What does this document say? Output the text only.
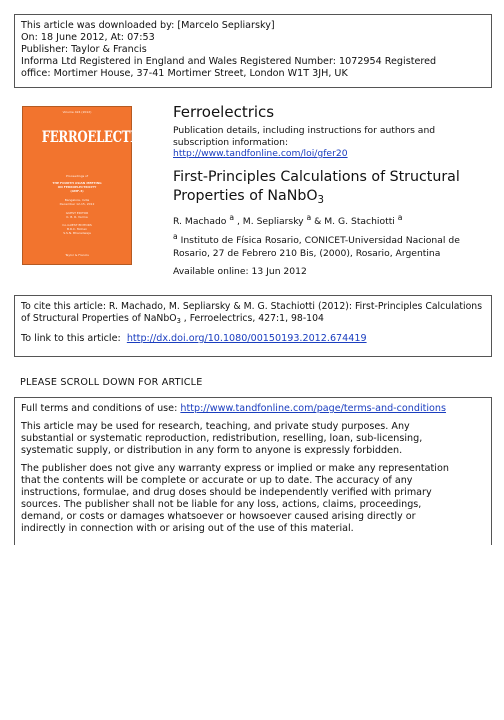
This article was downloaded by: [Marcelo Sepliarsky]

On: 18 June 2012, At: 07:53

Publisher: Taylor & Francis

Informa Ltd Registered in England and Wales Registered Number: 1072954 Registered

office: Mortimer House, 37-41 Mortimer Street, London W1T 3JH, UK

Volume 424 (2012)
FERROELECTRICS
Proceedings of
THE FOURTH ASIAN MEETING
ON FERROELECTRICITY
(AMF-4)
Bangalore, India
December 12-15, 2012
GUEST EDITOR
K. B. R. Varma
Co-GUEST EDITORS
B.R.C. Mohan
S.S.N. Bharadwaja
Taylor & Francis

Ferroelectrics

Publication details, including instructions for authors and

subscription information:

http://www.tandfonline.com/loi/gfer20

First-Principles Calculations of Structural
Properties of NaNbO$_3$

R. Machado $^a$ , M. Sepliarsky $^a$ & M. G. Stachiotti $^a$

$^a$ Instituto de Física Rosario, CONICET-Universidad Nacional de

Rosario, 27 de Febrero 210 Bis, (2000), Rosario, Argentina

Available online: 13 Jun 2012

To cite this article: R. Machado, M. Sepliarsky & M. G. Stachiotti (2012): First-Principles Calculations

of Structural Properties of NaNbO$_3$ , Ferroelectrics, 427:1, 98-104

To link to this article: http://dx.doi.org/10.1080/00150193.2012.674419

PLEASE SCROLL DOWN FOR ARTICLE

Full terms and conditions of use: http://www.tandfonline.com/page/terms-and-conditions

This article may be used for research, teaching, and private study purposes. Any
substantial or systematic reproduction, redistribution, reselling, loan, sub-licensing,
systematic supply, or distribution in any form to anyone is expressly forbidden.
The publisher does not give any warranty express or implied or make any representation
that the contents will be complete or accurate or up to date. The accuracy of any
instructions, formulae, and drug doses should be independently verified with primary
sources. The publisher shall not be liable for any loss, actions, claims, proceedings,
demand, or costs or damages whatsoever or howsoever caused arising directly or
indirectly in connection with or arising out of the use of this material.
